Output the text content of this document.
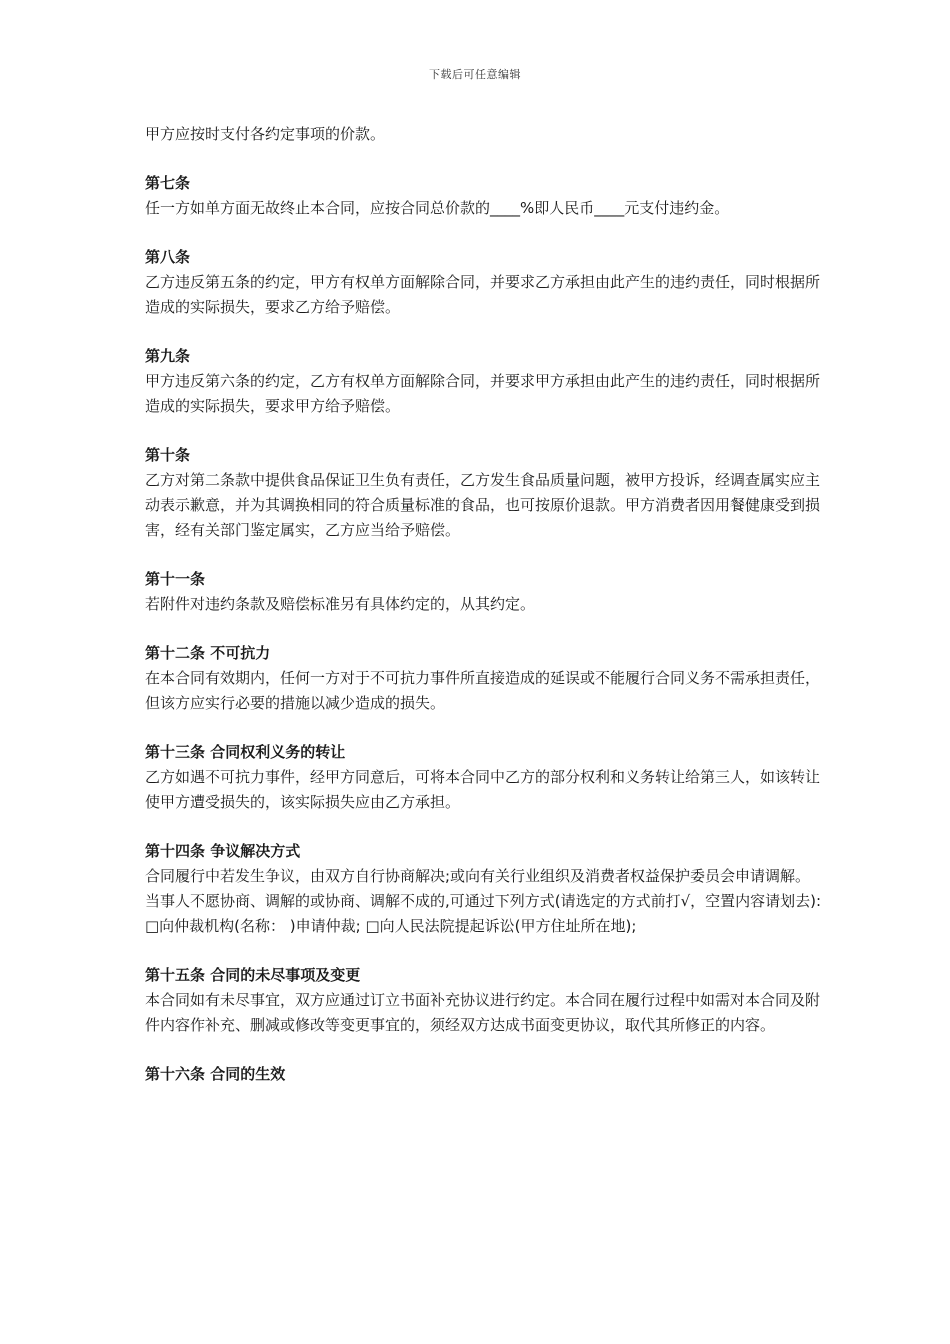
下载后可任意编辑

甲方应按时支付各约定事项的价款。

第七条

任一方如单方面无故终止本合同，应按合同总价款的____%即人民币____元支付违约金。

第八条

乙方违反第五条的约定，甲方有权单方面解除合同，并要求乙方承担由此产生的违约责任，同时根据所造成的实际损失，要求乙方给予赔偿。

第九条

甲方违反第六条的约定，乙方有权单方面解除合同，并要求甲方承担由此产生的违约责任，同时根据所造成的实际损失，要求甲方给予赔偿。

第十条

乙方对第二条款中提供食品保证卫生负有责任，乙方发生食品质量问题，被甲方投诉，经调查属实应主动表示歉意，并为其调换相同的符合质量标准的食品，也可按原价退款。甲方消费者因用餐健康受到损害，经有关部门鉴定属实，乙方应当给予赔偿。

第十一条

若附件对违约条款及赔偿标准另有具体约定的，从其约定。

第十二条 不可抗力

在本合同有效期内，任何一方对于不可抗力事件所直接造成的延误或不能履行合同义务不需承担责任，但该方应实行必要的措施以减少造成的损失。

第十三条 合同权利义务的转让

乙方如遇不可抗力事件，经甲方同意后，可将本合同中乙方的部分权利和义务转让给第三人，如该转让使甲方遭受损失的，该实际损失应由乙方承担。

第十四条 争议解决方式

合同履行中若发生争议，由双方自行协商解决;或向有关行业组织及消费者权益保护委员会申请调解。

当事人不愿协商、调解的或协商、调解不成的,可通过下列方式(请选定的方式前打√，空置内容请划去): □向仲裁机构(名称： )申请仲裁; □向人民法院提起诉讼(甲方住址所在地);

第十五条 合同的未尽事项及变更

本合同如有未尽事宜，双方应通过订立书面补充协议进行约定。本合同在履行过程中如需对本合同及附件内容作补充、删减或修改等变更事宜的，须经双方达成书面变更协议，取代其所修正的内容。

第十六条 合同的生效
